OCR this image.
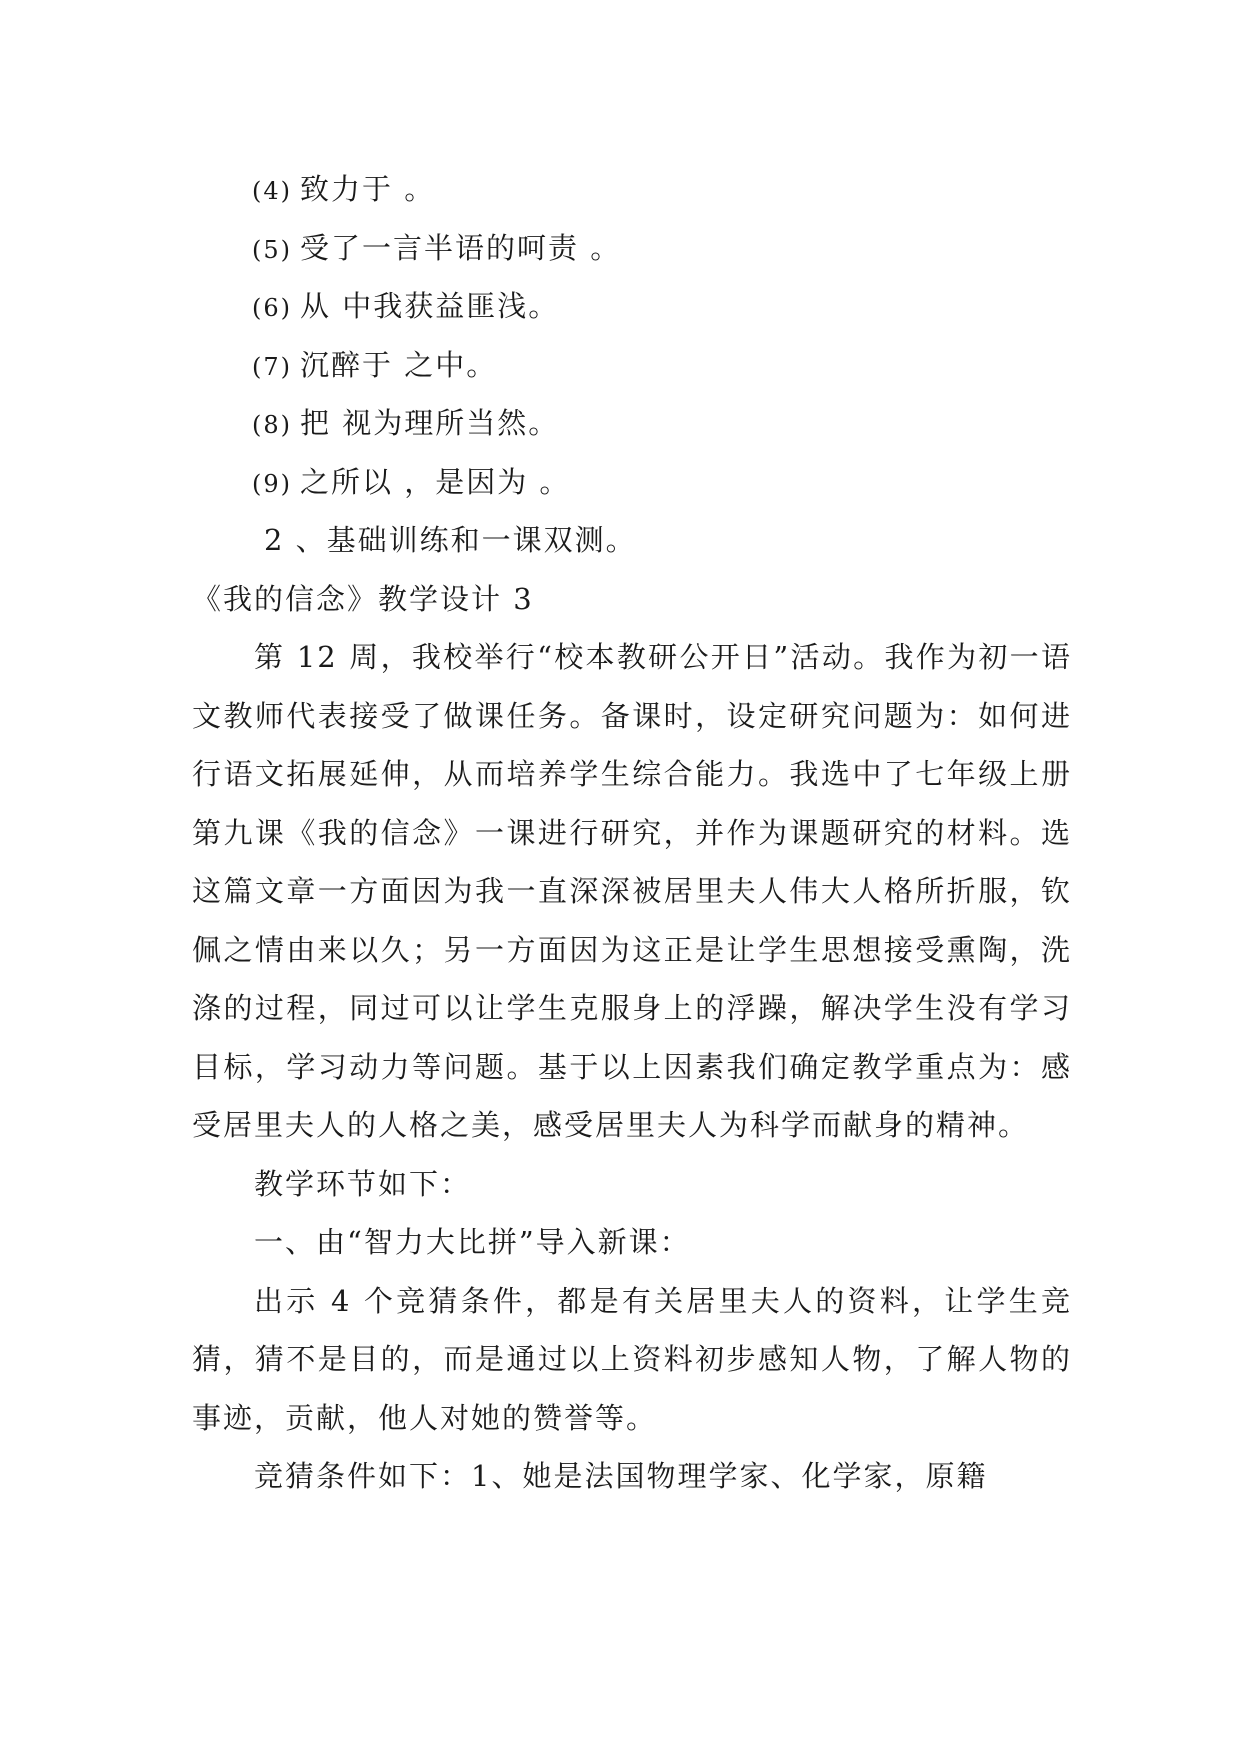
(4) 致力于 。
(5) 受了一言半语的呵责 。
(6) 从 中我获益匪浅。
(7) 沉醉于 之中。
(8) 把 视为理所当然。
(9) 之所以 ，是因为 。
2 、基础训练和一课双测。
《我的信念》教学设计 3
第 12 周，我校举行“校本教研公开日”活动。我作为初一语文教师代表接受了做课任务。备课时，设定研究问题为：如何进行语文拓展延伸，从而培养学生综合能力。我选中了七年级上册第九课《我的信念》一课进行研究，并作为课题研究的材料。选这篇文章一方面因为我一直深深被居里夫人伟大人格所折服，钦佩之情由来以久；另一方面因为这正是让学生思想接受熏陶，洗涤的过程，同过可以让学生克服身上的浮躁，解决学生没有学习目标，学习动力等问题。基于以上因素我们确定教学重点为：感受居里夫人的人格之美，感受居里夫人为科学而献身的精神。
教学环节如下：
一、由“智力大比拼”导入新课：
出示 4 个竞猜条件，都是有关居里夫人的资料，让学生竞猜，猜不是目的，而是通过以上资料初步感知人物，了解人物的事迹，贡献，他人对她的赞誉等。
竞猜条件如下：1、她是法国物理学家、化学家，原籍
